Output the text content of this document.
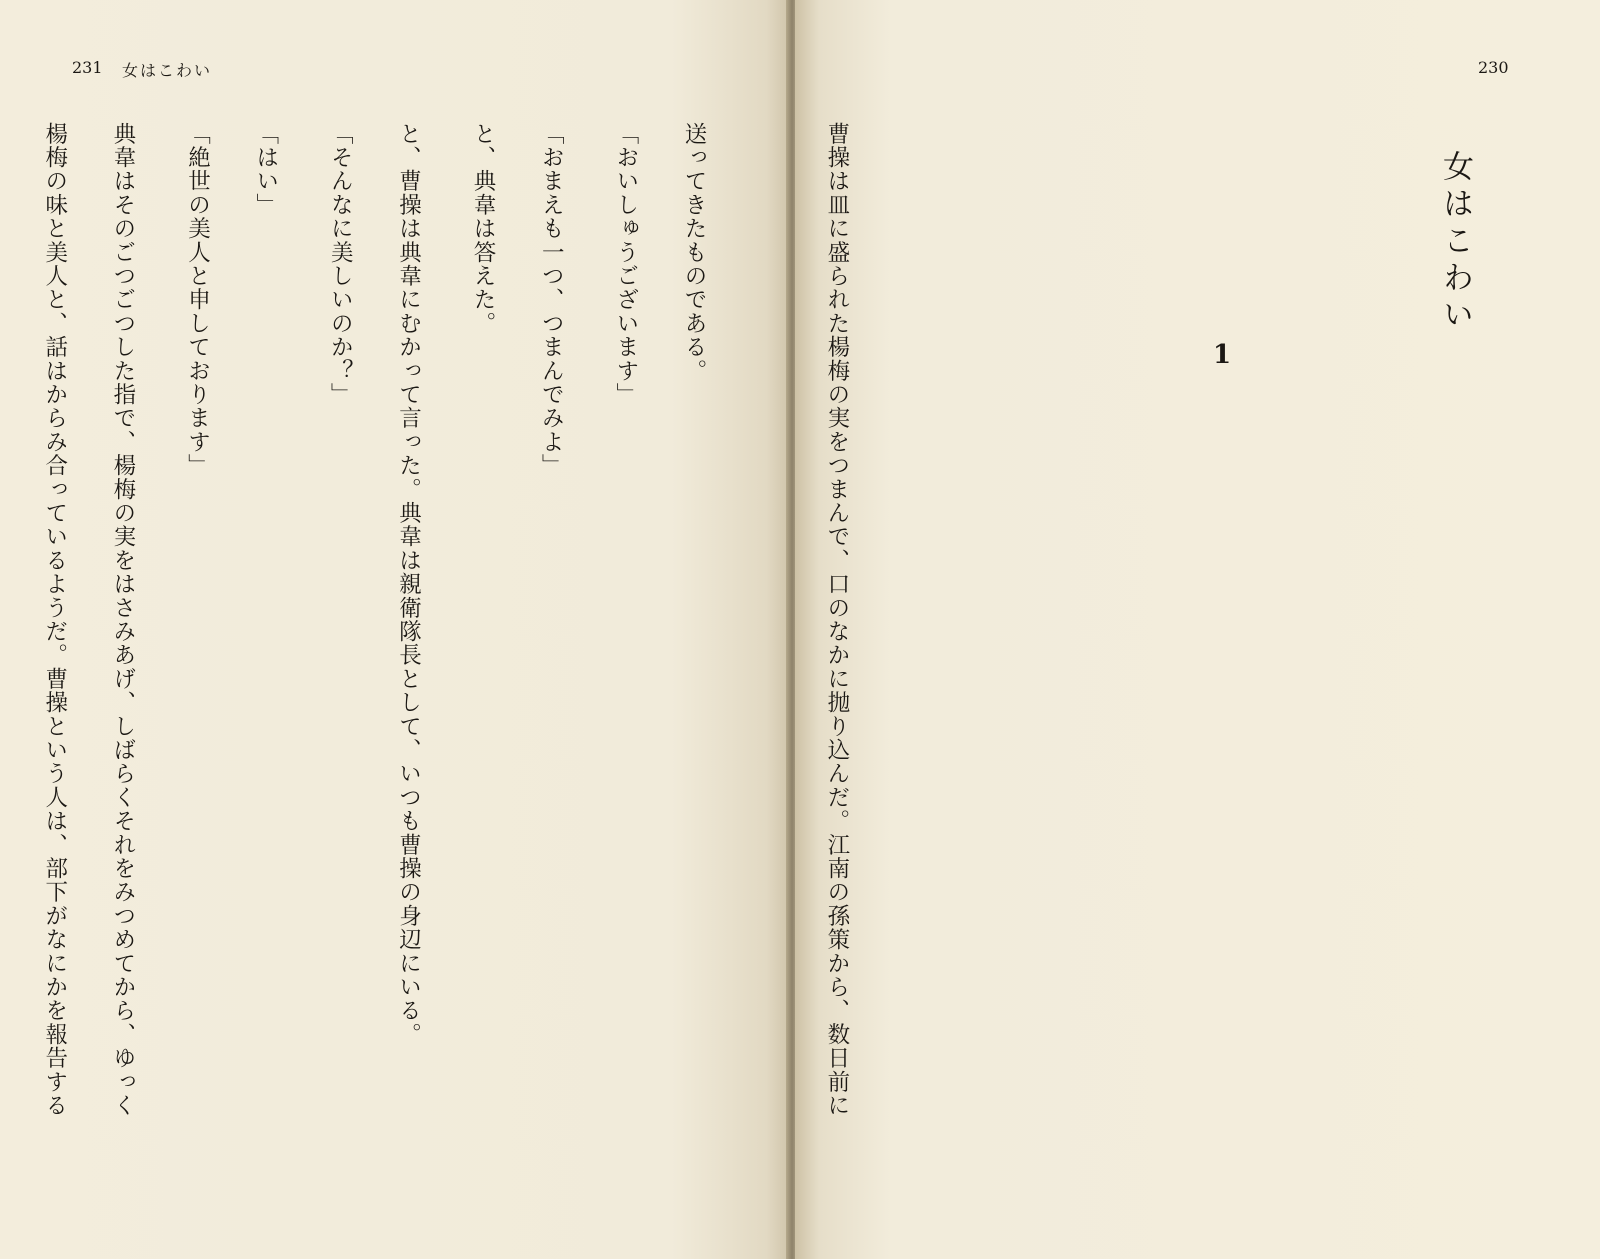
231 女はこわい	230
女はこわい
1

曹操は皿に盛られた楊梅の実をつまんで、口のなかに抛り込んだ。江南の孫策から、数日前に

送ってきたものである。

「おまえも一つ、つまんでみよ」

と、曹操は典韋にむかって言った。典韋は親衛隊長として、いつも曹操の身辺にいる。

「はい」

典韋はそのごつごつした指で、楊梅の実をはさみあげ、しばらくそれをみつめてから、ゆっく

	「おいしゅうございます」

と、典韋は答えた。

「そんなに美しいのか？」

「絶世の美人と申しております」

楊梅の味と美人と、話はからみ合っているようだ。曹操という人は、部下がなにかを報告する
